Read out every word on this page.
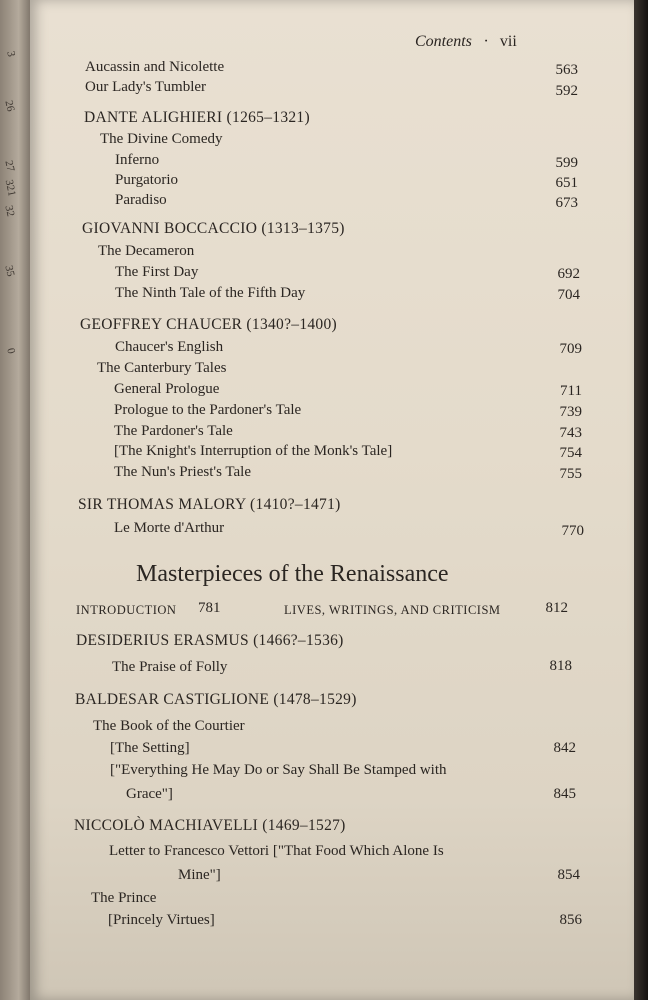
3
26
27
321
32
35
0
Contents · vii
Aucassin and Nicolette	563
Our Lady's Tumbler	592
DANTE ALIGHIERI (1265–1321)
The Divine Comedy
Inferno	599
Purgatorio	651
Paradiso	673
GIOVANNI BOCCACCIO (1313–1375)
The Decameron
The First Day	692
The Ninth Tale of the Fifth Day	704
GEOFFREY CHAUCER (1340?–1400)
Chaucer's English	709
The Canterbury Tales
General Prologue	711
Prologue to the Pardoner's Tale	739
The Pardoner's Tale	743
[The Knight's Interruption of the Monk's Tale]	754
The Nun's Priest's Tale	755
SIR THOMAS MALORY (1410?–1471)
Le Morte d'Arthur	770
Masterpieces of the Renaissance
INTRODUCTION 781	LIVES, WRITINGS, AND CRITICISM	812
DESIDERIUS ERASMUS (1466?–1536)
The Praise of Folly	818
BALDESAR CASTIGLIONE (1478–1529)
The Book of the Courtier
[The Setting]	842
["Everything He May Do or Say Shall Be Stamped with
Grace"]	845
NICCOLÒ MACHIAVELLI (1469–1527)
Letter to Francesco Vettori ["That Food Which Alone Is
Mine"]	854
The Prince
[Princely Virtues]	856
